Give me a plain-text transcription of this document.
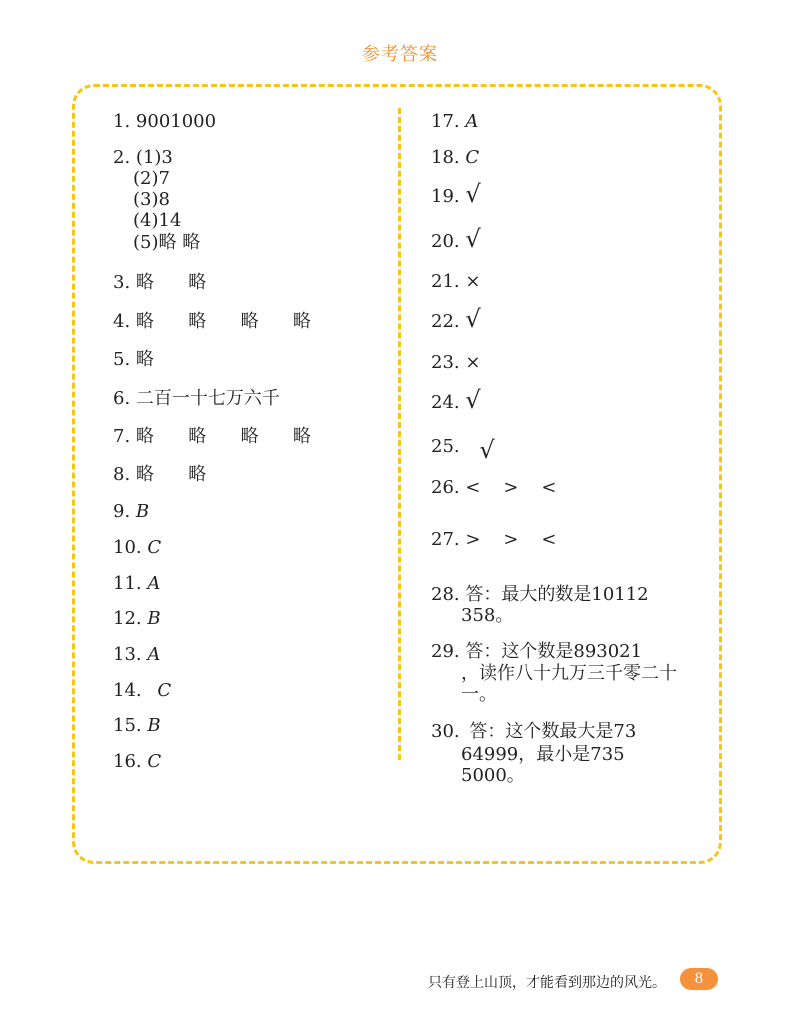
参考答案
1. 9001000
2. (1)3
(2)7
(3)8
(4)14
(5)略 略
3. 略      略
4. 略      略      略      略
5. 略
6. 二百一十七万六千
7. 略      略      略      略
8. 略      略
9. B
10. C
11. A
12. B
13. A
14. C
15. B
16. C
17. A
18. C
19. √
20. √
21. ×
22. √
23. ×
24. √
25. √
26. <    >    <
27. >    >    <
28. 答：最大的数是10112
358。
29. 答：这个数是893021
，读作八十九万三千零二十
一。
30. 答：这个数最大是73
64999，最小是735
5000。
只有登上山顶，才能看到那边的风光。	8
